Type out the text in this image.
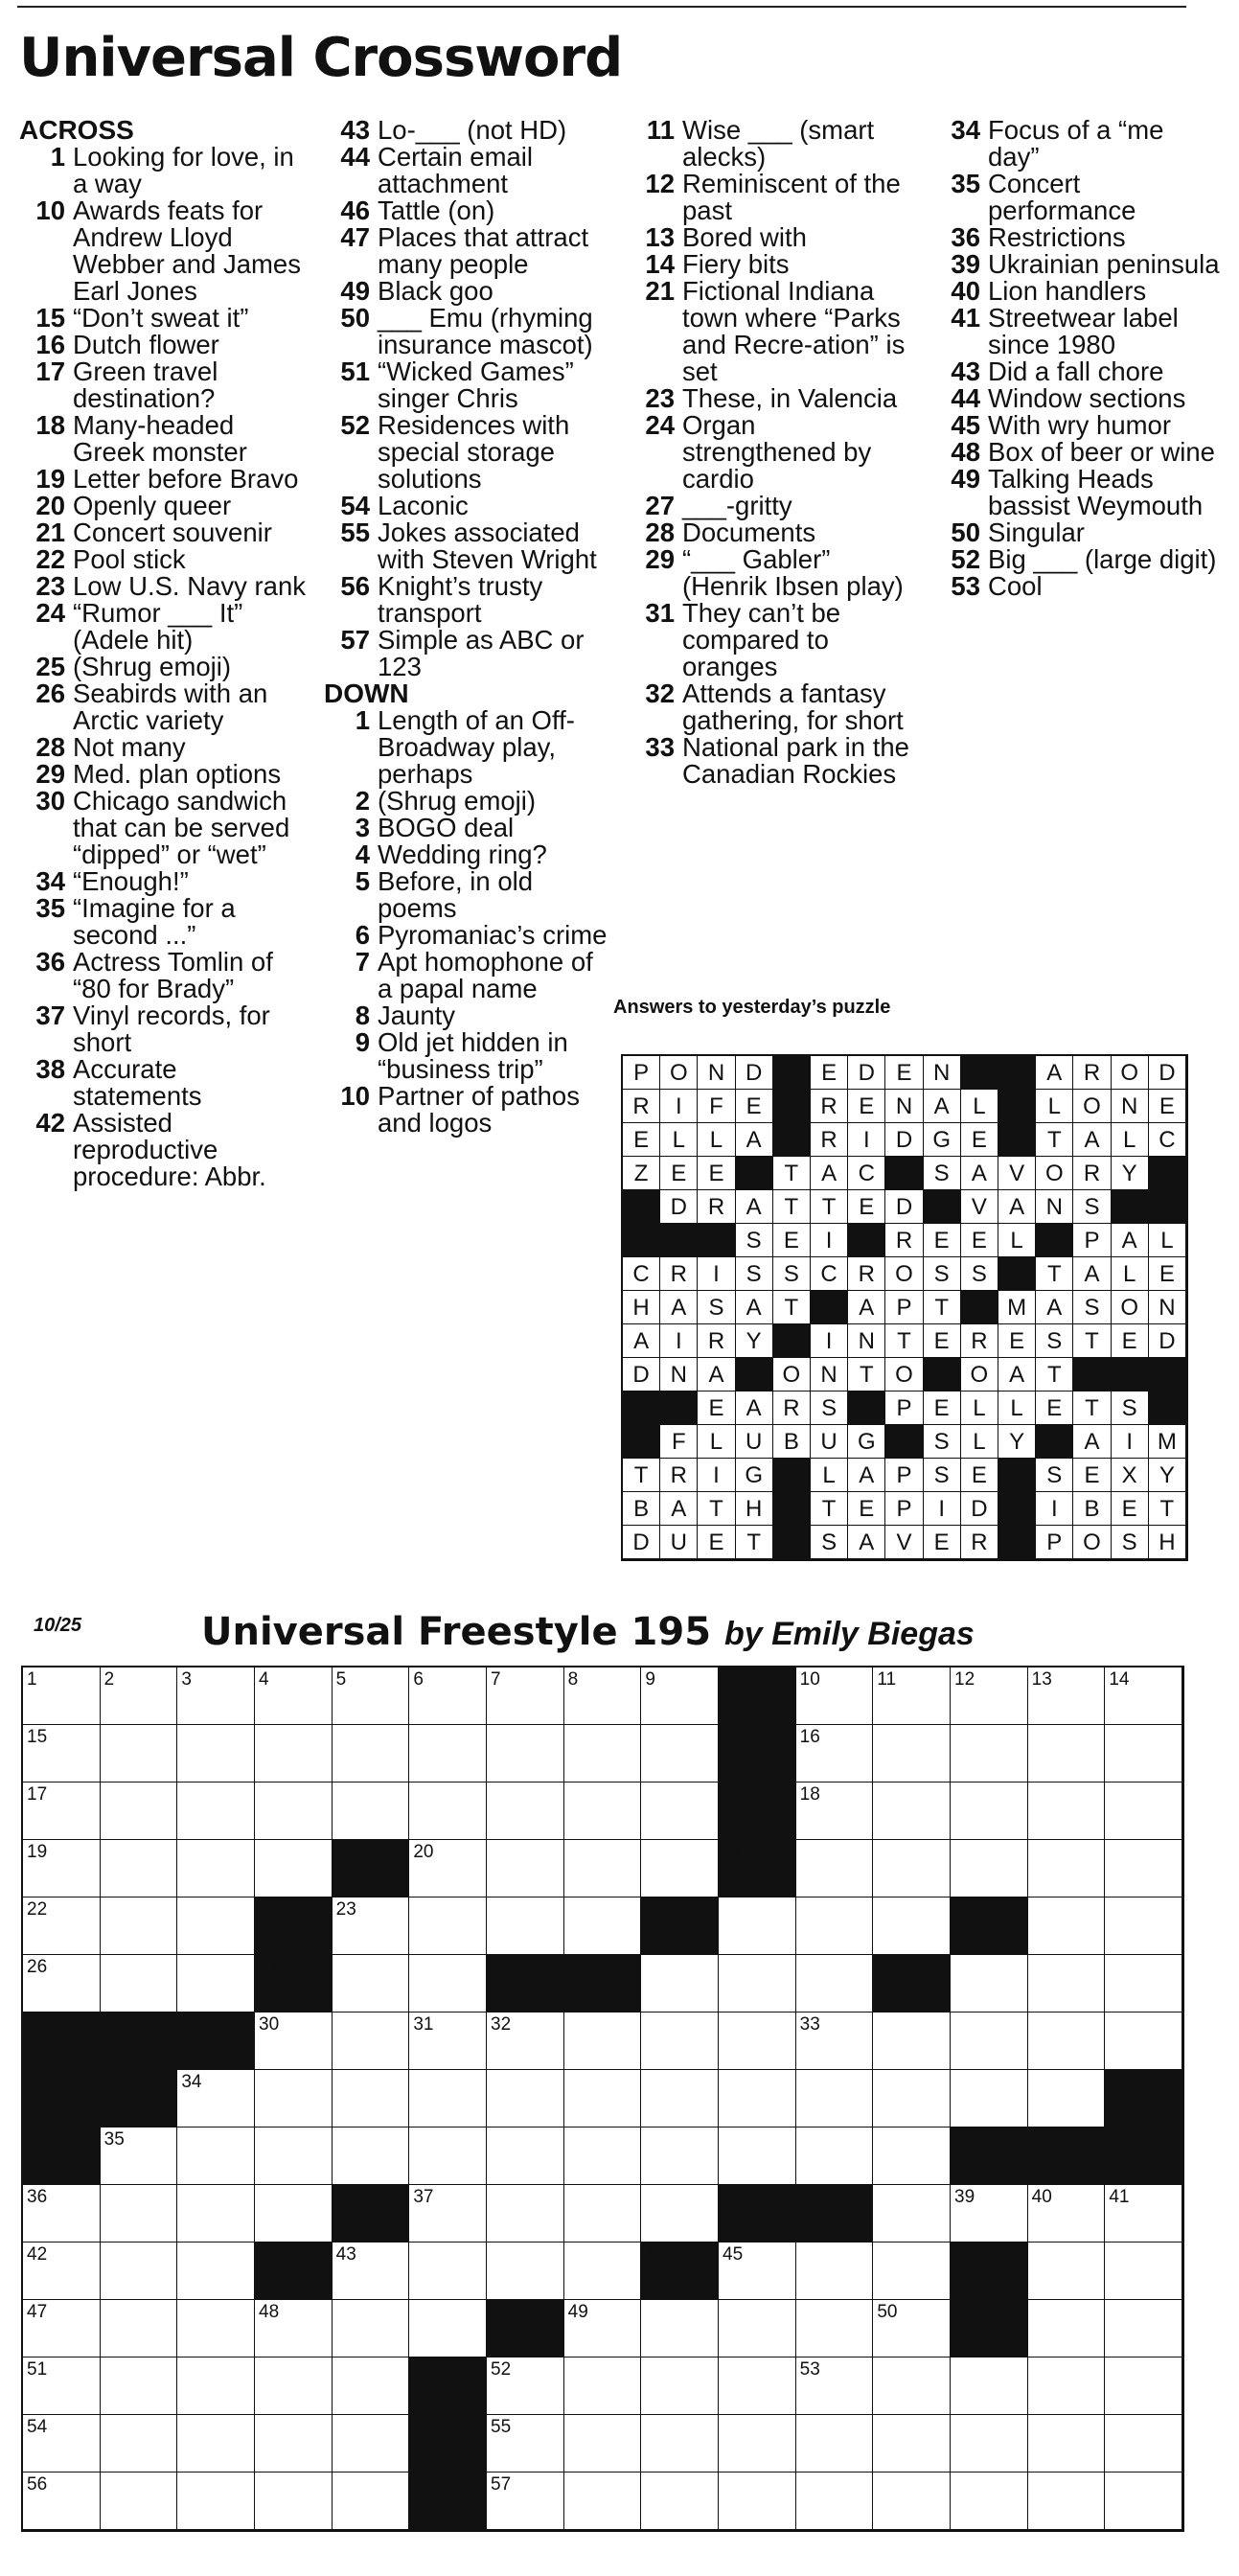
Universal Crossword
ACROSS
1 Looking for love, in a way
10 Awards feats for Andrew Lloyd Webber and James Earl Jones
15 “Don’t sweat it”
16 Dutch flower
17 Green travel destination?
18 Many-headed Greek monster
19 Letter before Bravo
20 Openly queer
21 Concert souvenir
22 Pool stick
23 Low U.S. Navy rank
24 “Rumor ___ It” (Adele hit)
25 (Shrug emoji)
26 Seabirds with an Arctic variety
28 Not many
29 Med. plan options
30 Chicago sandwich that can be served “dipped” or “wet”
34 “Enough!”
35 “Imagine for a second ...”
36 Actress Tomlin of “80 for Brady”
37 Vinyl records, for short
38 Accurate statements
42 Assisted reproductive procedure: Abbr.
43 Lo-___ (not HD)
44 Certain email attachment
46 Tattle (on)
47 Places that attract many people
49 Black goo
50 ___ Emu (rhyming insurance mascot)
51 “Wicked Games” singer Chris
52 Residences with special storage solutions
54 Laconic
55 Jokes associated with Steven Wright
56 Knight’s trusty transport
57 Simple as ABC or 123
DOWN
1 Length of an Off-Broadway play, perhaps
2 (Shrug emoji)
3 BOGO deal
4 Wedding ring?
5 Before, in old poems
6 Pyromaniac’s crime
7 Apt homophone of a papal name
8 Jaunty
9 Old jet hidden in “business trip”
10 Partner of pathos and logos
11 Wise ___ (smart alecks)
12 Reminiscent of the past
13 Bored with
14 Fiery bits
21 Fictional Indiana town where “Parks and Recre-ation” is set
23 These, in Valencia
24 Organ strengthened by cardio
27 ___-gritty
28 Documents
29 “___ Gabler” (Henrik Ibsen play)
31 They can’t be compared to oranges
32 Attends a fantasy gathering, for short
33 National park in the Canadian Rockies
34 Focus of a “me day”
35 Concert performance
36 Restrictions
39 Ukrainian peninsula
40 Lion handlers
41 Streetwear label since 1980
43 Did a fall chore
44 Window sections
45 With wry humor
48 Box of beer or wine
49 Talking Heads bassist Weymouth
50 Singular
52 Big ___ (large digit)
53 Cool
Answers to yesterday’s puzzle
P O N D	E D E N	A R O D
R	I	F E	R E N A	L	L O N E
E	L	L	A	R	I	D G E	T A	L C
Z E E	T A C	S A V O R Y
D R A T	T E D	V A N S
S E	I	R E E	L	P A	L
C R	I	S S C R O S S	T A	L	E
H A S A T	A P T	M A S O N
A	I	R Y	I	N T E R E S T E D
D N A	O N T O	O A T
E A R S	P E	L	L	E T S
F	L U B U G	S	L	Y	A	I	M
T R	I	G	L	A P S E	S E X Y
B A T H	T E P	I	D	I	B E T
D U E T	S A V E R	P O S H
10/25	Universal Freestyle 195 by Emily Biegas
1	2	3	4	5	6	7	8	9	10	11	12	13	14
15	16
17	18
19	20	21
22	23	24	25
26	27	28	29
30	31	32	33
34
35
36	37	38	39	40	41
42	43	44	45	46
47	48	49	50
51	52	53
54	55
56	57
